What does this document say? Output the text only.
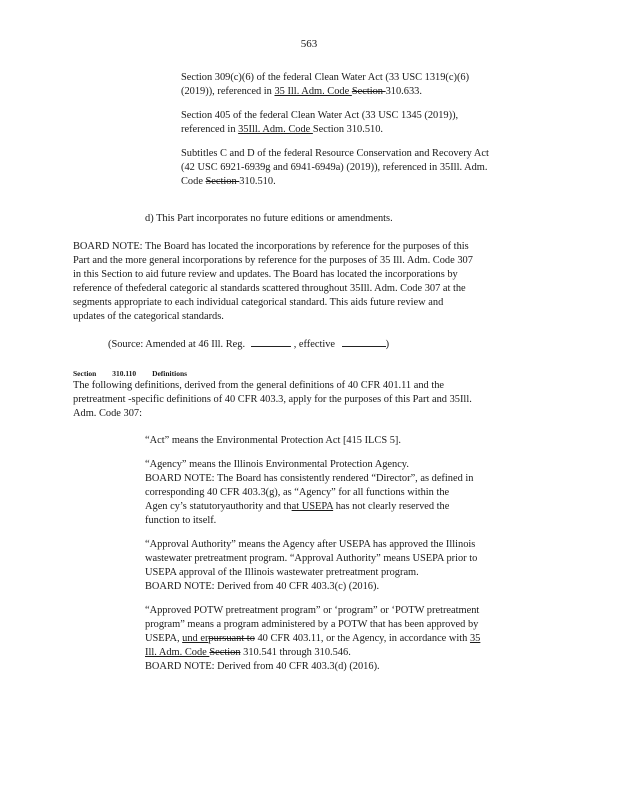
563
Section 309(c)(6) of the federal Clean Water Act (33 USC 1319(c)(6)
(2019)), referenced in 35 Ill. Adm. Code Section 310.633.
Section 405 of the federal Clean Water Act (33 USC 1345 (2019)),
referenced in 35Ill. Adm. Code Section 310.510.
Subtitles C and D of the federal Resource Conservation and Recovery Act
(42 USC 6921-6939g and 6941-6949a) (2019)), referenced in 35Ill. Adm.
Code Section 310.510.
d) This Part incorporates no future editions or amendments.
BOARD NOTE: The Board has located the incorporations by reference for the purposes of this
Part and the more general incorporations by reference for the purposes of 35 Ill. Adm. Code 307
in this Section to aid future review and updates. The Board has located the incorporations by
reference of thefederal categoric al standards scattered throughout 35Ill. Adm. Code 307 at the
segments appropriate to each individual categorical standard. This aids future review and
updates of the categorical standards.
(Source: Amended at 46 Ill. Reg.	, effective	)
Section 310.110 Definitions
The following definitions, derived from the general definitions of 40 CFR 401.11 and the
pretreatment -specific definitions of 40 CFR 403.3, apply for the purposes of this Part and 35Ill.
Adm. Code 307:
“Act” means the Environmental Protection Act [415 ILCS 5].
“Agency” means the Illinois Environmental Protection Agency.
BOARD NOTE: The Board has consistently rendered “Director”, as defined in
corresponding 40 CFR 403.3(g), as “Agency” for all functions within the
Agen cy’s statutoryauthority and that USEPA has not clearly reserved the
function to itself.
“Approval Authority” means the Agency after USEPA has approved the Illinois
wastewater pretreatment program. “Approval Authority” means USEPA prior to
USEPA approval of the Illinois wastewater pretreatment program.
BOARD NOTE: Derived from 40 CFR 403.3(c) (2016).
“Approved POTW pretreatment program” or ‘program” or ‘POTW pretreatment
program” means a program administered by a POTW that has been approved by
USEPA, und erpursuant to 40 CFR 403.11, or the Agency, in accordance with 35
Ill. Adm. Code Section 310.541 through 310.546.
BOARD NOTE: Derived from 40 CFR 403.3(d) (2016).
